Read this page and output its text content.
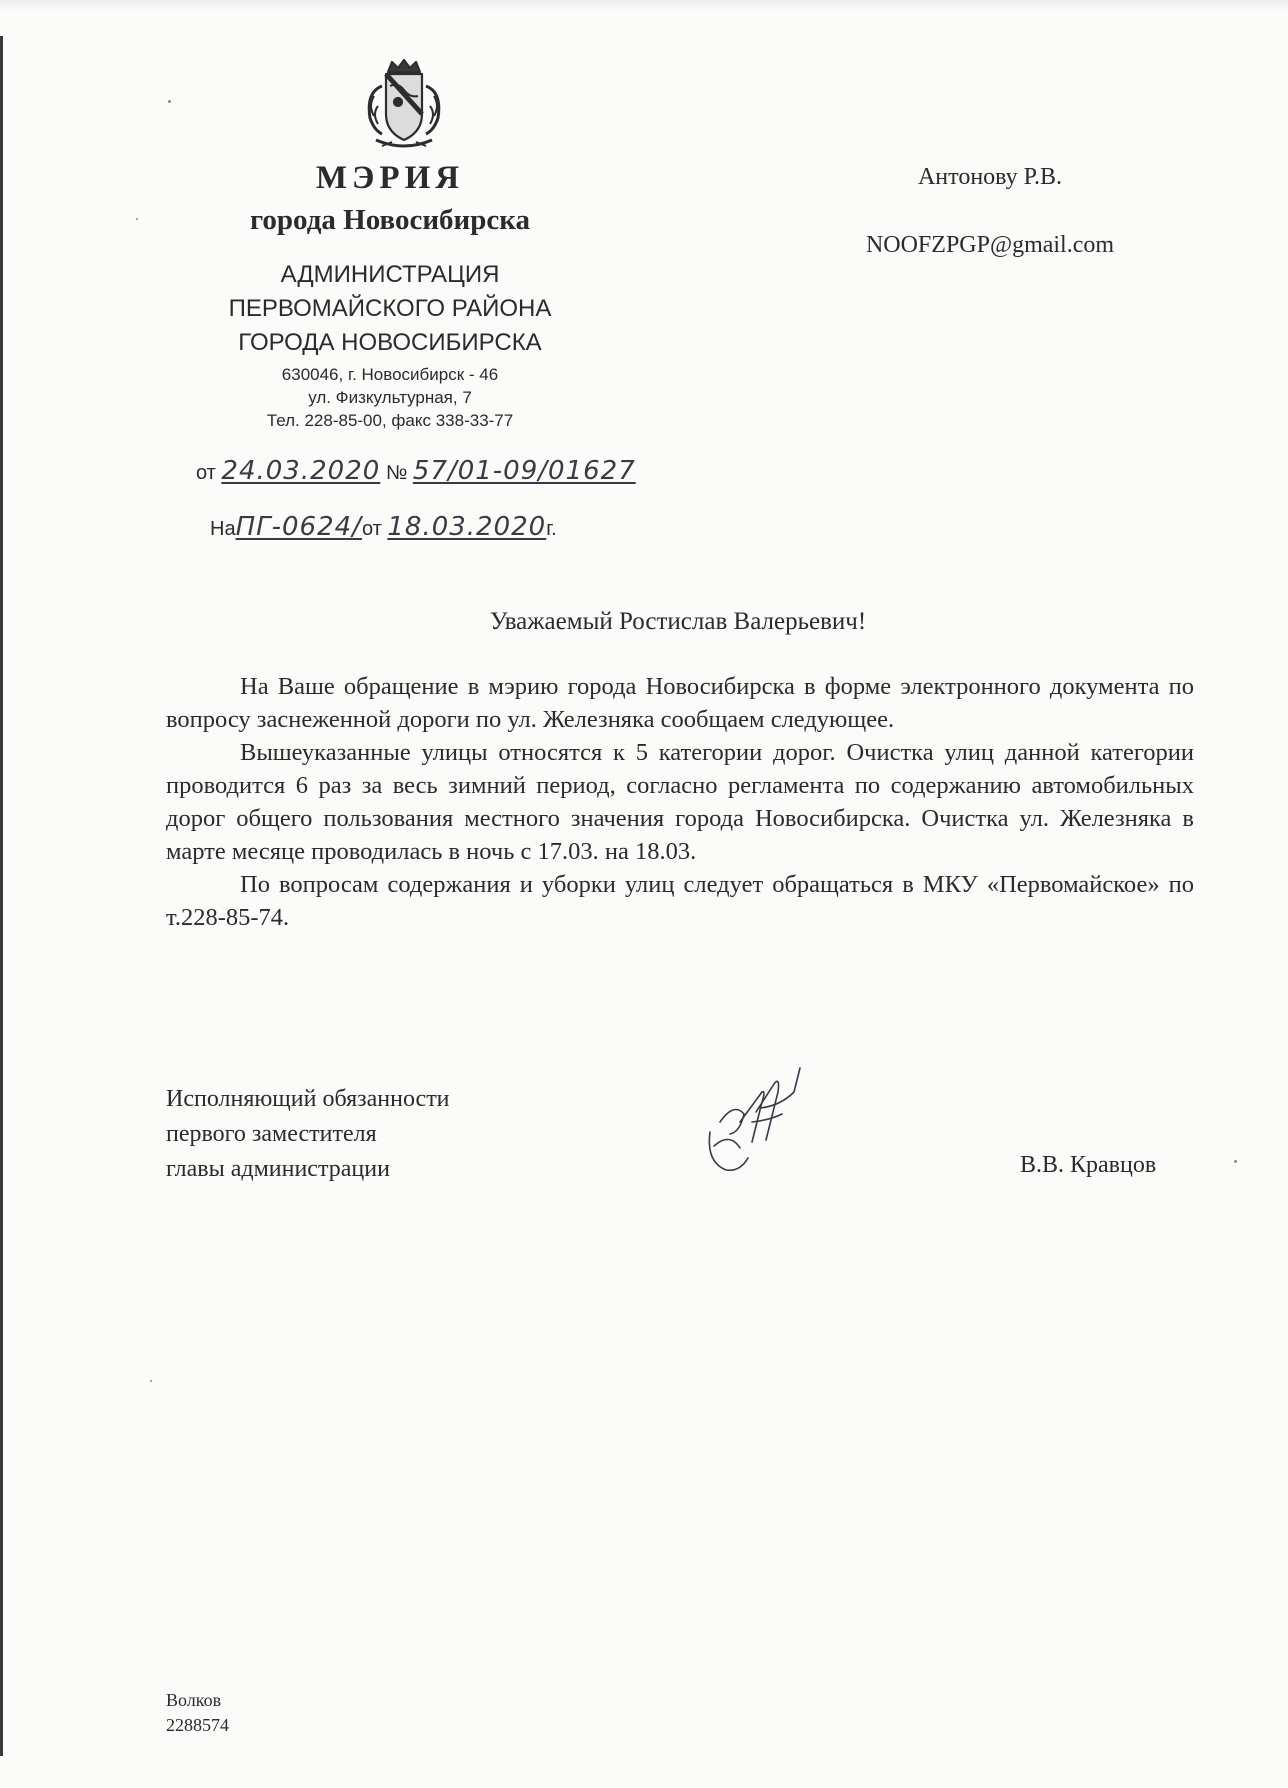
МЭРИЯ
города Новосибирска
АДМИНИСТРАЦИЯ
ПЕРВОМАЙСКОГО РАЙОНА
ГОРОДА НОВОСИБИРСКА
630046, г. Новосибирск - 46
ул. Физкультурная, 7
Тел. 228-85-00, факс 338-33-77
от 24.03.2020 № 57/01-09/01627
НаПГ-0624/от 18.03.2020г.
Антонову Р.В.
NOOFZPGP@gmail.com
Уважаемый Ростислав Валерьевич!

На Ваше обращение в мэрию города Новосибирска в форме электронного документа по вопросу заснеженной дороги по ул. Железняка сообщаем следующее.

Вышеуказанные улицы относятся к 5 категории дорог. Очистка улиц данной категории проводится 6 раз за весь зимний период, согласно регламента по содержанию автомобильных дорог общего пользования местного значения города Новосибирска. Очистка ул. Железняка в марте месяце проводилась в ночь с 17.03. на 18.03.

По вопросам содержания и уборки улиц следует обращаться в МКУ «Первомайское» по т.228-85-74.

Исполняющий обязанности
первого заместителя
главы администрации	В.В. Кравцов
Волков
2288574
